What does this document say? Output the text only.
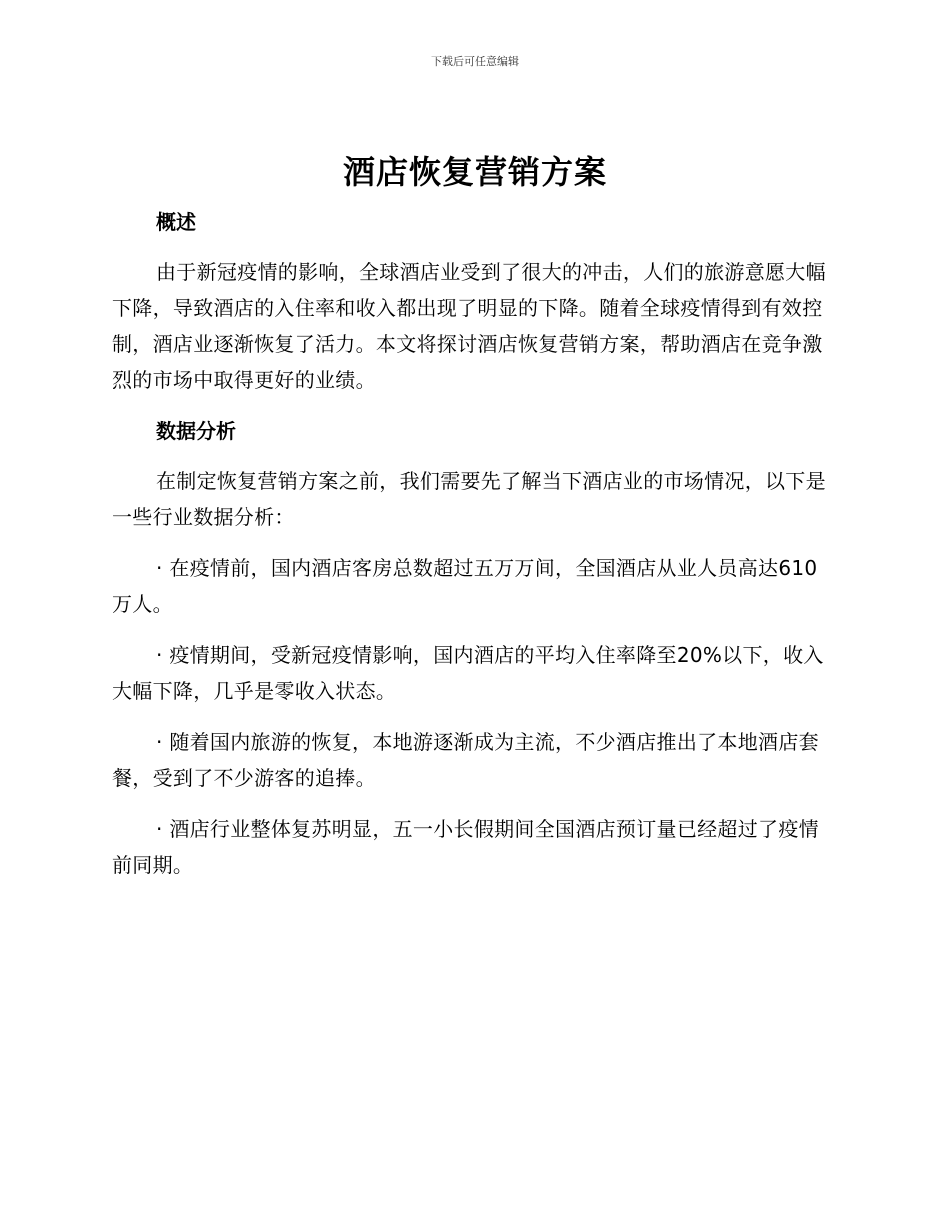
下载后可任意编辑
酒店恢复营销方案
概述

由于新冠疫情的影响，全球酒店业受到了很大的冲击，人们的旅游意愿大幅下降，导致酒店的入住率和收入都出现了明显的下降。随着全球疫情得到有效控制，酒店业逐渐恢复了活力。本文将探讨酒店恢复营销方案，帮助酒店在竞争激烈的市场中取得更好的业绩。

数据分析

在制定恢复营销方案之前，我们需要先了解当下酒店业的市场情况，以下是一些行业数据分析：

· 在疫情前，国内酒店客房总数超过五万万间，全国酒店从业人员高达610万人。

· 疫情期间，受新冠疫情影响，国内酒店的平均入住率降至20%以下，收入大幅下降，几乎是零收入状态。

· 随着国内旅游的恢复，本地游逐渐成为主流，不少酒店推出了本地酒店套餐，受到了不少游客的追捧。

· 酒店行业整体复苏明显，五一小长假期间全国酒店预订量已经超过了疫情前同期。
